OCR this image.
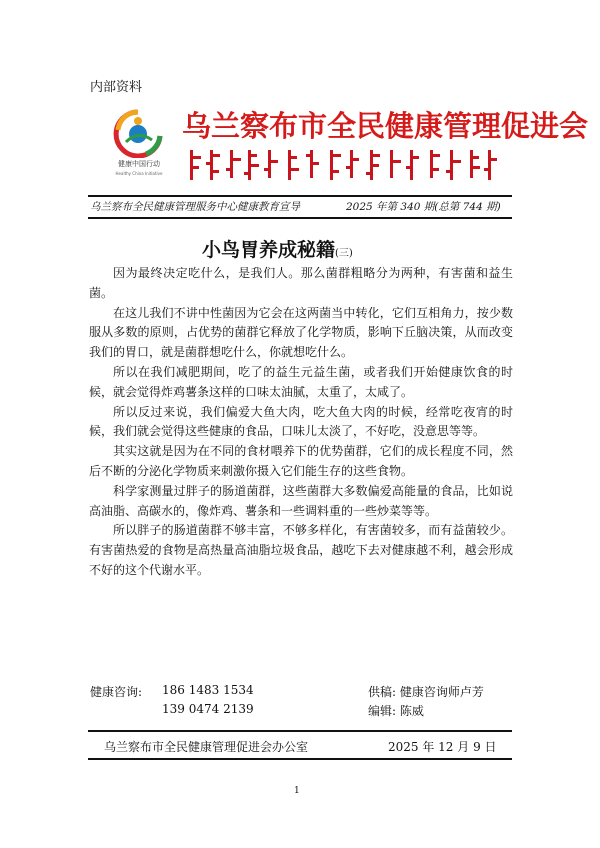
内部资料
健康中国行动
Healthy China Initiative
乌兰察布市全民健康管理促进会
乌兰察布全民健康管理服务中心健康教育宣导	2025 年第 340 期(总第 744 期)
小鸟胃养成秘籍(三)

因为最终决定吃什么，是我们人。那么菌群粗略分为两种，有害菌和益生菌。

在这儿我们不讲中性菌因为它会在这两菌当中转化，它们互相角力，按少数服从多数的原则，占优势的菌群它释放了化学物质，影响下丘脑决策，从而改变我们的胃口，就是菌群想吃什么，你就想吃什么。

所以在我们减肥期间，吃了的益生元益生菌，或者我们开始健康饮食的时候，就会觉得炸鸡薯条这样的口味太油腻，太重了，太咸了。

所以反过来说，我们偏爱大鱼大肉，吃大鱼大肉的时候，经常吃夜宵的时候，我们就会觉得这些健康的食品，口味儿太淡了，不好吃，没意思等等。

其实这就是因为在不同的食材喂养下的优势菌群，它们的成长程度不同，然后不断的分泌化学物质来刺激你摄入它们能生存的这些食物。

科学家测量过胖子的肠道菌群，这些菌群大多数偏爱高能量的食品，比如说高油脂、高碳水的，像炸鸡、薯条和一些调料重的一些炒菜等等。

所以胖子的肠道菌群不够丰富，不够多样化，有害菌较多，而有益菌较少。有害菌热爱的食物是高热量高油脂垃圾食品，越吃下去对健康越不利，越会形成不好的这个代谢水平。

健康咨询: 186 1483 1534
139 0474 2139
供稿: 健康咨询师卢芳
编辑: 陈威
乌兰察布市全民健康管理促进会办公室	2025 年 12 月 9 日
1
